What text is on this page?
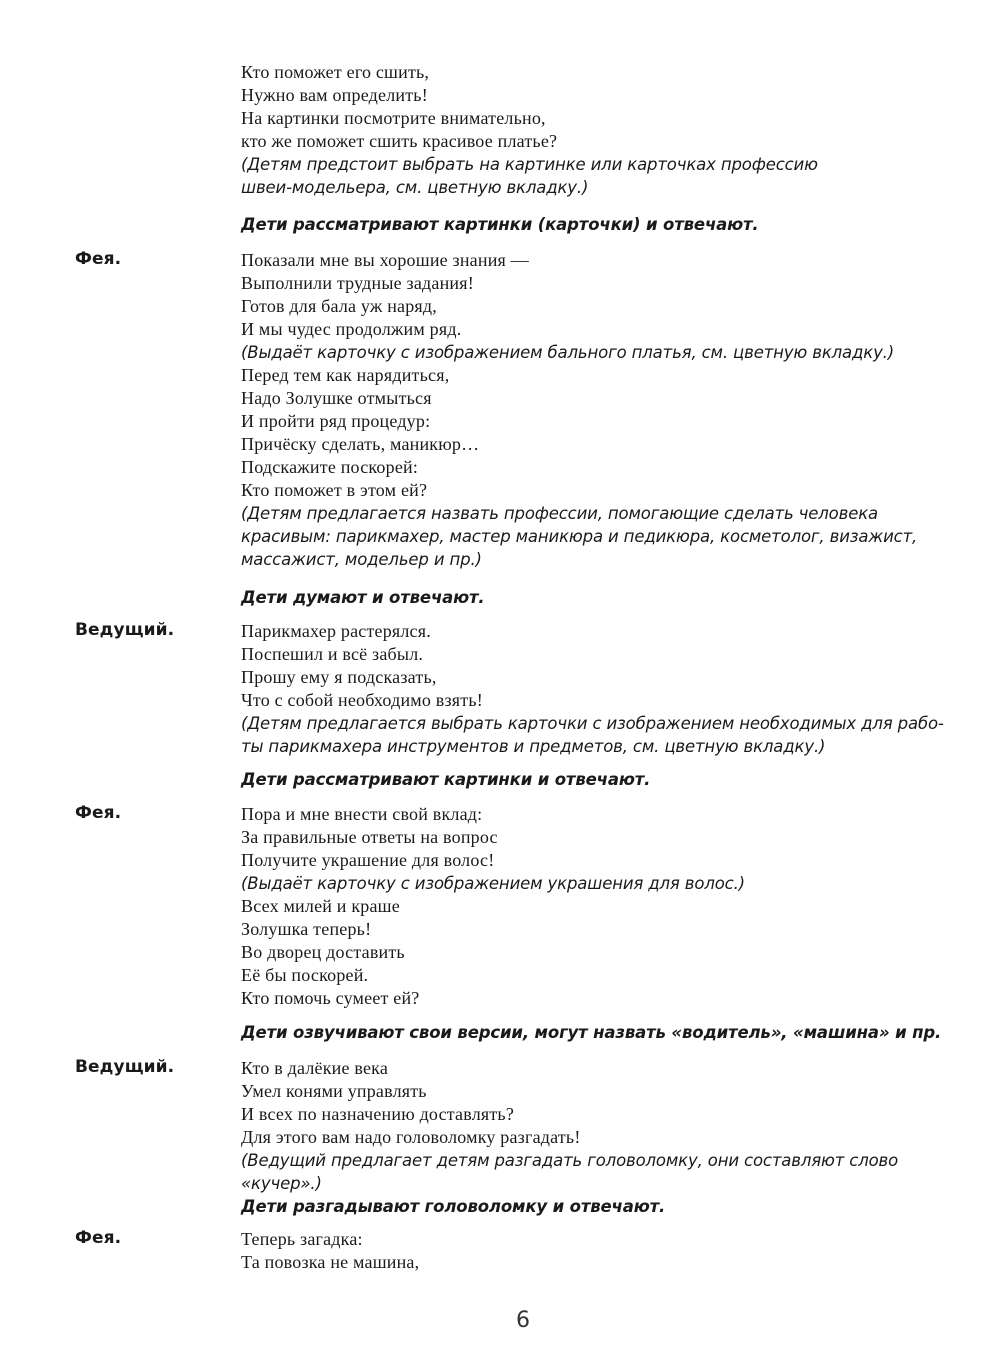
Кто поможет его сшить,
Нужно вам определить!
На картинки посмотрите внимательно,
кто же поможет сшить красивое платье?
(Детям предстоит выбрать на картинке или карточках профессию
швеи-модельера, см. цветную вкладку.)
Дети рассматривают картинки (карточки) и отвечают.
Фея.	Показали мне вы хорошие знания —
Выполнили трудные задания!
Готов для бала уж наряд,
И мы чудес продолжим ряд.
(Выдаёт карточку с изображением бального платья, см. цветную вкладку.)
Перед тем как нарядиться,
Надо Золушке отмыться
И пройти ряд процедур:
Причёску сделать, маникюр…
Подскажите поскорей:
Кто поможет в этом ей?
(Детям предлагается назвать профессии, помогающие сделать человека
красивым: парикмахер, мастер маникюра и педикюра, косметолог, визажист,
массажист, модельер и пр.)
Дети думают и отвечают.
Ведущий.	Парикмахер растерялся.
Поспешил и всё забыл.
Прошу ему я подсказать,
Что с собой необходимо взять!
(Детям предлагается выбрать карточки с изображением необходимых для рабо-
ты парикмахера инструментов и предметов, см. цветную вкладку.)
Дети рассматривают картинки и отвечают.
Фея.	Пора и мне внести свой вклад:
За правильные ответы на вопрос
Получите украшение для волос!
(Выдаёт карточку с изображением украшения для волос.)
Всех милей и краше
Золушка теперь!
Во дворец доставить
Её бы поскорей.
Кто помочь сумеет ей?
Дети озвучивают свои версии, могут назвать «водитель», «машина» и пр.
Ведущий.	Кто в далёкие века
Умел конями управлять
И всех по назначению доставлять?
Для этого вам надо головоломку разгадать!
(Ведущий предлагает детям разгадать головоломку, они составляют слово
«кучер».)
Дети разгадывают головоломку и отвечают.
Фея.	Теперь загадка:
Та повозка не машина,
6
